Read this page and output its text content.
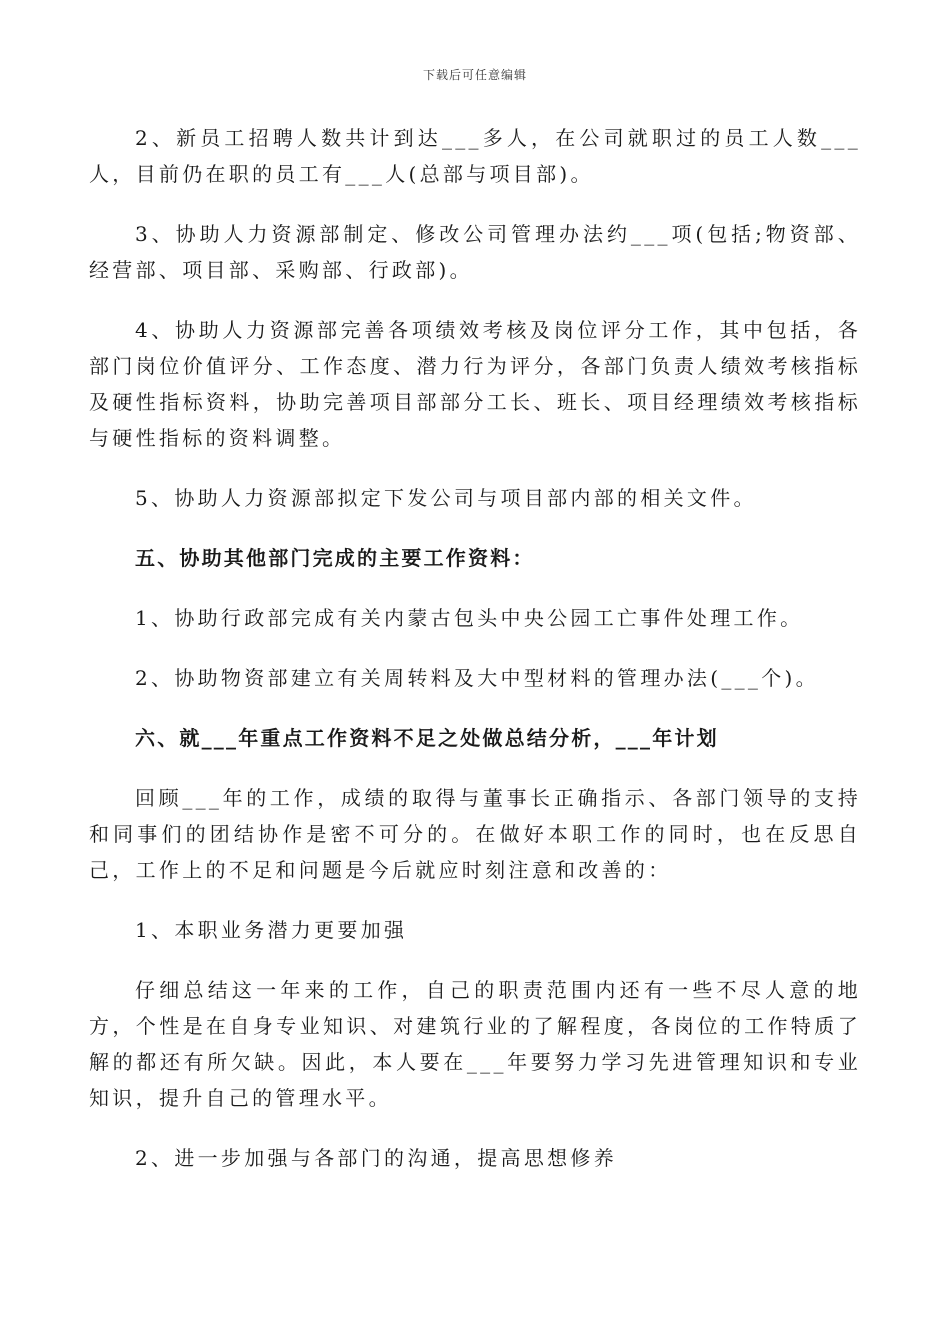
下载后可任意编辑

2、新员工招聘人数共计到达___多人，在公司就职过的员工人数___人，目前仍在职的员工有___人(总部与项目部)。

3、协助人力资源部制定、修改公司管理办法约___项(包括;物资部、经营部、项目部、采购部、行政部)。

4、协助人力资源部完善各项绩效考核及岗位评分工作，其中包括，各部门岗位价值评分、工作态度、潜力行为评分，各部门负责人绩效考核指标及硬性指标资料，协助完善项目部部分工长、班长、项目经理绩效考核指标与硬性指标的资料调整。

5、协助人力资源部拟定下发公司与项目部内部的相关文件。

五、协助其他部门完成的主要工作资料：

1、协助行政部完成有关内蒙古包头中央公园工亡事件处理工作。

2、协助物资部建立有关周转料及大中型材料的管理办法(___个)。

六、就___年重点工作资料不足之处做总结分析，___年计划

回顾___年的工作，成绩的取得与董事长正确指示、各部门领导的支持和同事们的团结协作是密不可分的。在做好本职工作的同时，也在反思自己，工作上的不足和问题是今后就应时刻注意和改善的：

1、本职业务潜力更要加强

仔细总结这一年来的工作，自己的职责范围内还有一些不尽人意的地方，个性是在自身专业知识、对建筑行业的了解程度，各岗位的工作特质了解的都还有所欠缺。因此，本人要在___年要努力学习先进管理知识和专业知识，提升自己的管理水平。

2、进一步加强与各部门的沟通，提高思想修养
